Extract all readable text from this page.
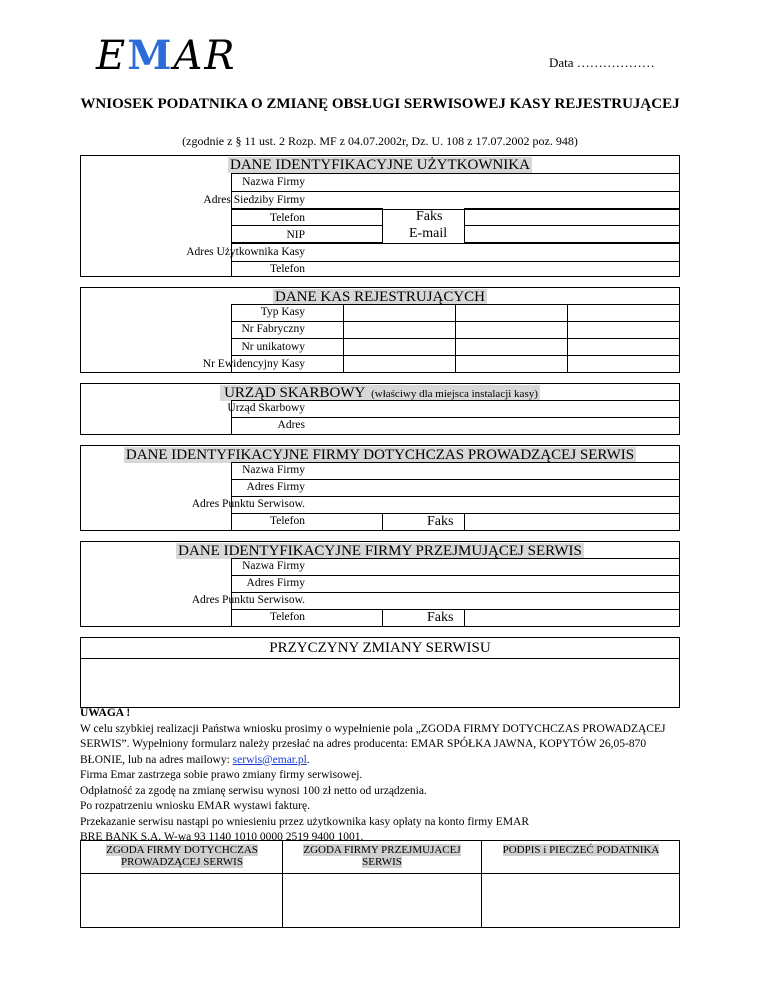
EMAR	Data ………………
WNIOSEK PODATNIKA O ZMIANĘ OBSŁUGI SERWISOWEJ KASY REJESTRUJĄCEJ
(zgodnie z § 11 ust. 2 Rozp. MF z 04.07.2002r, Dz. U. 108 z 17.07.2002 poz. 948)
DANE IDENTYFIKACYJNE UŻYTKOWNIKA
Nazwa Firmy
Adres Siedziby Firmy
Telefon
NIP
Adres Użytkownika Kasy
Telefon
Faks
E-mail
DANE KAS REJESTRUJĄCYCH
Typ Kasy
Nr Fabryczny
Nr unikatowy
Nr Ewidencyjny Kasy
URZĄD SKARBOWY (właściwy dla miejsca instalacji kasy)
Urząd Skarbowy
Adres
DANE IDENTYFIKACYJNE FIRMY DOTYCHCZAS PROWADZĄCEJ SERWIS
Nazwa Firmy
Adres Firmy
Adres Punktu Serwisow.
Telefon	Faks
DANE IDENTYFIKACYJNE FIRMY PRZEJMUJĄCEJ SERWIS
Nazwa Firmy
Adres Firmy
Adres Punktu Serwisow.
Telefon	Faks
PRZYCZYNY ZMIANY SERWISU
UWAGA !
W celu szybkiej realizacji Państwa wniosku prosimy o wypełnienie pola „ZGODA FIRMY DOTYCHCZAS PROWADZĄCEJ SERWIS”. Wypełniony formularz należy przesłać na adres producenta: EMAR SPÓŁKA JAWNA, KOPYTÓW 26,05-870 BŁONIE, lub na adres mailowy: serwis@emar.pl.
Firma Emar zastrzega sobie prawo zmiany firmy serwisowej.
Odpłatność za zgodę na zmianę serwisu wynosi 100 zł netto od urządzenia.
Po rozpatrzeniu wniosku EMAR wystawi fakturę.
Przekazanie serwisu nastąpi po wniesieniu przez użytkownika kasy opłaty na konto firmy EMAR
BRE BANK S.A. W-wa 93 1140 1010 0000 2519 9400 1001.
ZGODA FIRMY DOTYCHCZAS PROWADZĄCEJ SERWIS
ZGODA FIRMY PRZEJMUJACEJ SERWIS
PODPIS i PIECZEĆ PODATNIKA
